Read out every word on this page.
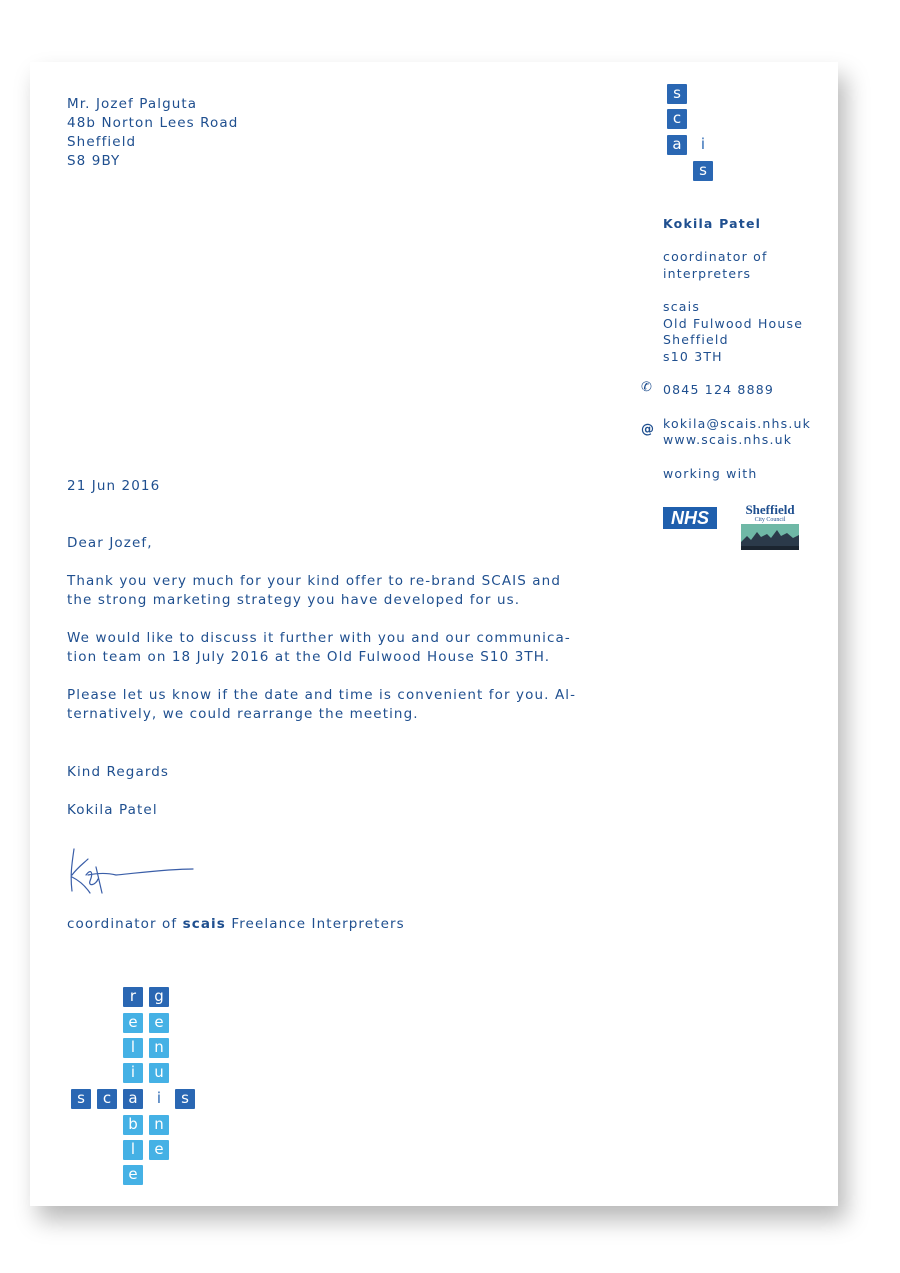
Mr. Jozef Palguta
48b Norton Lees Road
Sheffield
S8 9BY
s
c
a	i
s
Kokila Patel
coordinator of
interpreters
scais
Old Fulwood House
Sheffield
s10 3TH
✆ 0845 124 8889
@ kokila@scais.nhs.uk
www.scais.nhs.uk
working with
NHS	Sheffield
City Council
21 Jun 2016
Dear Jozef,
Thank you very much for your kind offer to re-brand SCAIS and
the strong marketing strategy you have developed for us.
We would like to discuss it further with you and our communica-
tion team on 18 July 2016 at the Old Fulwood House S10 3TH.
Please let us know if the date and time is convenient for you. Al-
ternatively, we could rearrange the meeting.
Kind Regards
Kokila Patel
coordinator of scais Freelance Interpreters
r	g
e	e
l	n
i	u
s	c	a	i	s
b	n
l	e
e
